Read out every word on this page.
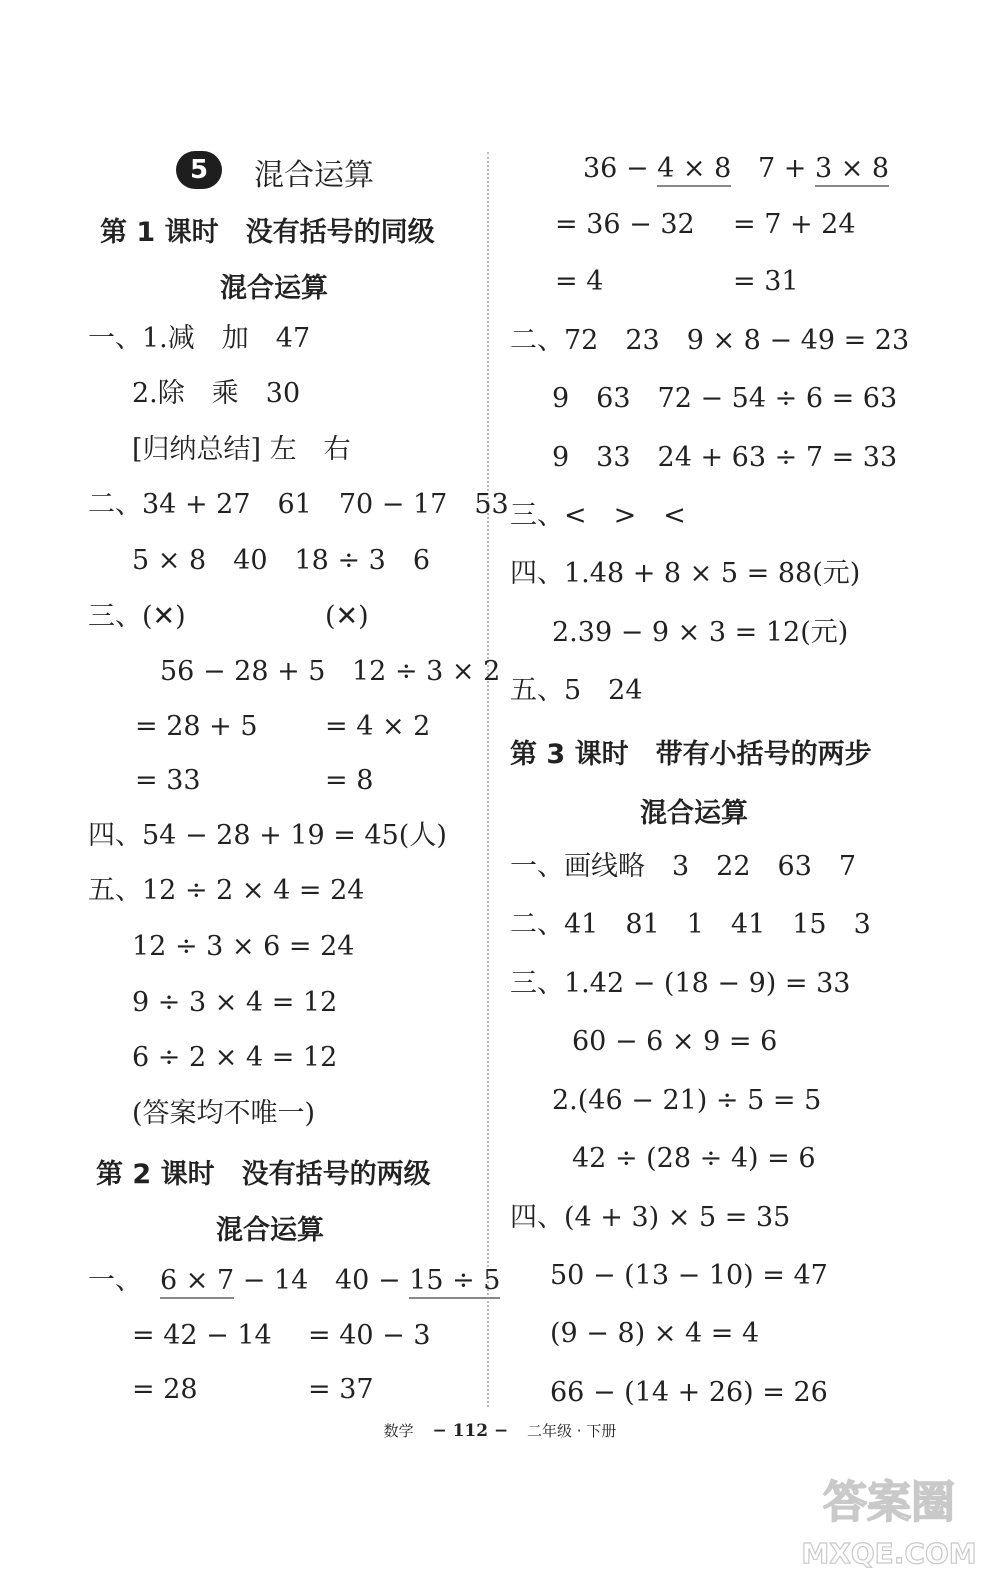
5	混合运算
第 1 课时　没有括号的同级
混合运算
一、1.减　加　47
2.除　乘　30
[归纳总结] 左　右
二、34 + 27　61　70 − 17　53
5 × 8　40　18 ÷ 3　6
三、(✕)	(✕)
56 − 28 + 5
= 28 + 5
= 33
12 ÷ 3 × 2
= 4 × 2
= 8
四、54 − 28 + 19 = 45(人)
五、12 ÷ 2 × 4 = 24
12 ÷ 3 × 6 = 24
9 ÷ 3 × 4 = 12
6 ÷ 2 × 4 = 12
(答案均不唯一)
第 2 课时　没有括号的两级
混合运算
一、 6 × 7 − 14
= 42 − 14
= 28
40 − 15 ÷ 5
= 40 − 3
= 37
36 − 4 × 8
= 36 − 32
= 4
7 + 3 × 8
= 7 + 24
= 31
二、72　23　9 × 8 − 49 = 23
9　63　72 − 54 ÷ 6 = 63
9　33　24 + 63 ÷ 7 = 33
三、<　>　<
四、1.48 + 8 × 5 = 88(元)
2.39 − 9 × 3 = 12(元)
五、5　24
第 3 课时　带有小括号的两步
混合运算
一、画线略　3　22　63　7
二、41　81　1　41　15　3
三、1.42 − (18 − 9) = 33
60 − 6 × 9 = 6
2.(46 − 21) ÷ 5 = 5
42 ÷ (28 ÷ 4) = 6
四、(4 + 3) × 5 = 35
50 − (13 − 10) = 47
(9 − 8) × 4 = 4
66 − (14 + 26) = 26
数学 − 112 − 二年级 · 下册
答案圈
MXQE.COM
